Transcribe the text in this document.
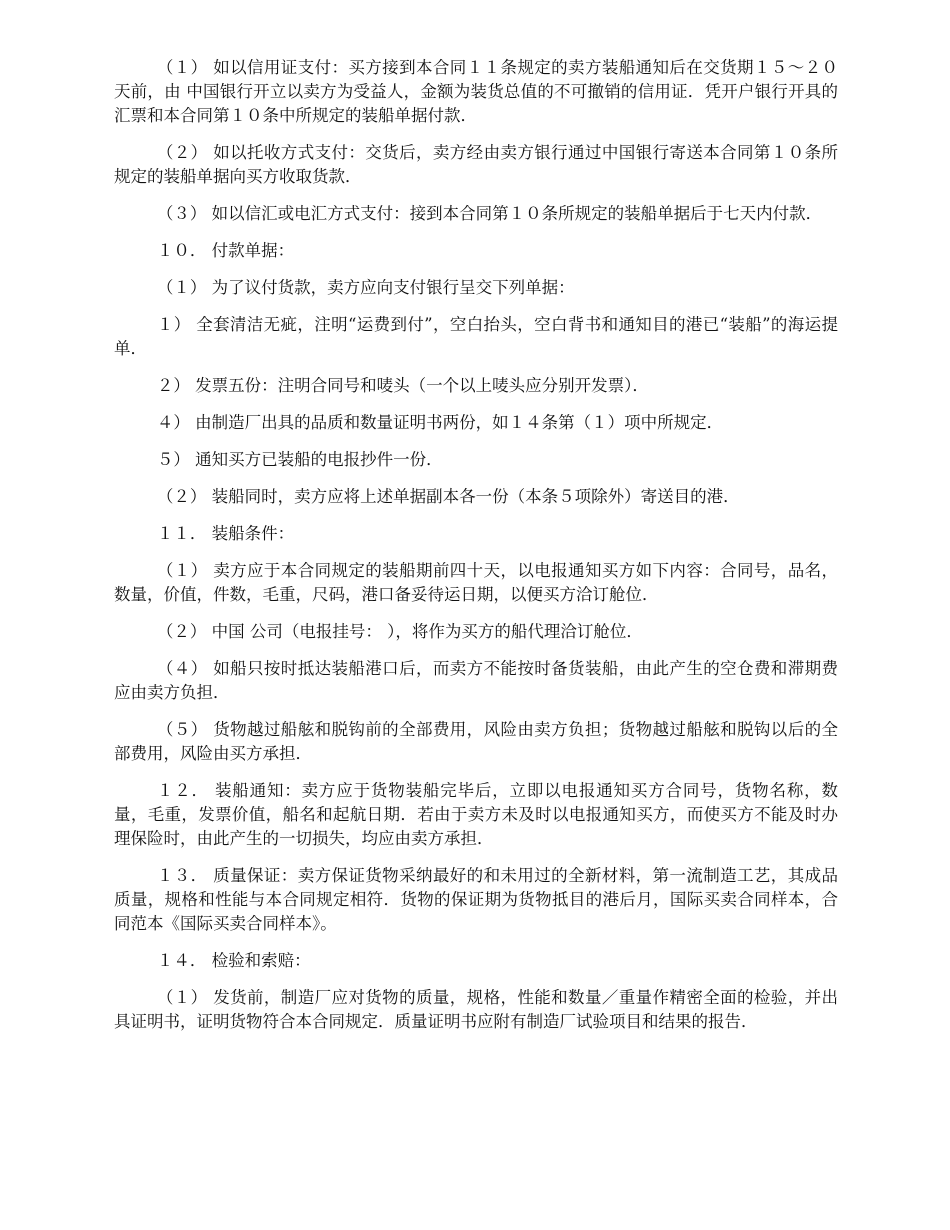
（１） 如以信用证支付：买方接到本合同１１条规定的卖方装船通知后在交货期１５～２０天前，由 中国银行开立以卖方为受益人，金额为装货总值的不可撤销的信用证．凭开户银行开具的汇票和本合同第１０条中所规定的装船单据付款．

（２） 如以托收方式支付：交货后，卖方经由卖方银行通过中国银行寄送本合同第１０条所规定的装船单据向买方收取货款．

（３） 如以信汇或电汇方式支付：接到本合同第１０条所规定的装船单据后于七天内付款．

１０． 付款单据：

（１） 为了议付货款，卖方应向支付银行呈交下列单据：

１） 全套清洁无疵，注明“运费到付”，空白抬头，空白背书和通知目的港已“装船”的海运提单．

２） 发票五份：注明合同号和唛头（一个以上唛头应分别开发票）．

４） 由制造厂出具的品质和数量证明书两份，如１４条第（１）项中所规定．

５） 通知买方已装船的电报抄件一份．

（２） 装船同时，卖方应将上述单据副本各一份（本条５项除外）寄送目的港．

１１． 装船条件：

（１） 卖方应于本合同规定的装船期前四十天，以电报通知买方如下内容：合同号，品名，数量，价值，件数，毛重，尺码，港口备妥待运日期，以便买方洽订舱位．

（２） 中国 公司（电报挂号： ），将作为买方的船代理洽订舱位．

（４） 如船只按时抵达装船港口后，而卖方不能按时备货装船，由此产生的空仓费和滞期费应由卖方负担．

（５） 货物越过船舷和脱钩前的全部费用，风险由卖方负担；货物越过船舷和脱钩以后的全部费用，风险由买方承担．

１２． 装船通知：卖方应于货物装船完毕后，立即以电报通知买方合同号，货物名称，数量，毛重，发票价值，船名和起航日期．若由于卖方未及时以电报通知买方，而使买方不能及时办理保险时，由此产生的一切损失，均应由卖方承担．

１３． 质量保证：卖方保证货物采纳最好的和未用过的全新材料，第一流制造工艺，其成品质量，规格和性能与本合同规定相符．货物的保证期为货物抵目的港后月，国际买卖合同样本，合同范本《国际买卖合同样本》。

１４． 检验和索赔：

（１） 发货前，制造厂应对货物的质量，规格，性能和数量／重量作精密全面的检验，并出具证明书，证明货物符合本合同规定．质量证明书应附有制造厂试验项目和结果的报告．
